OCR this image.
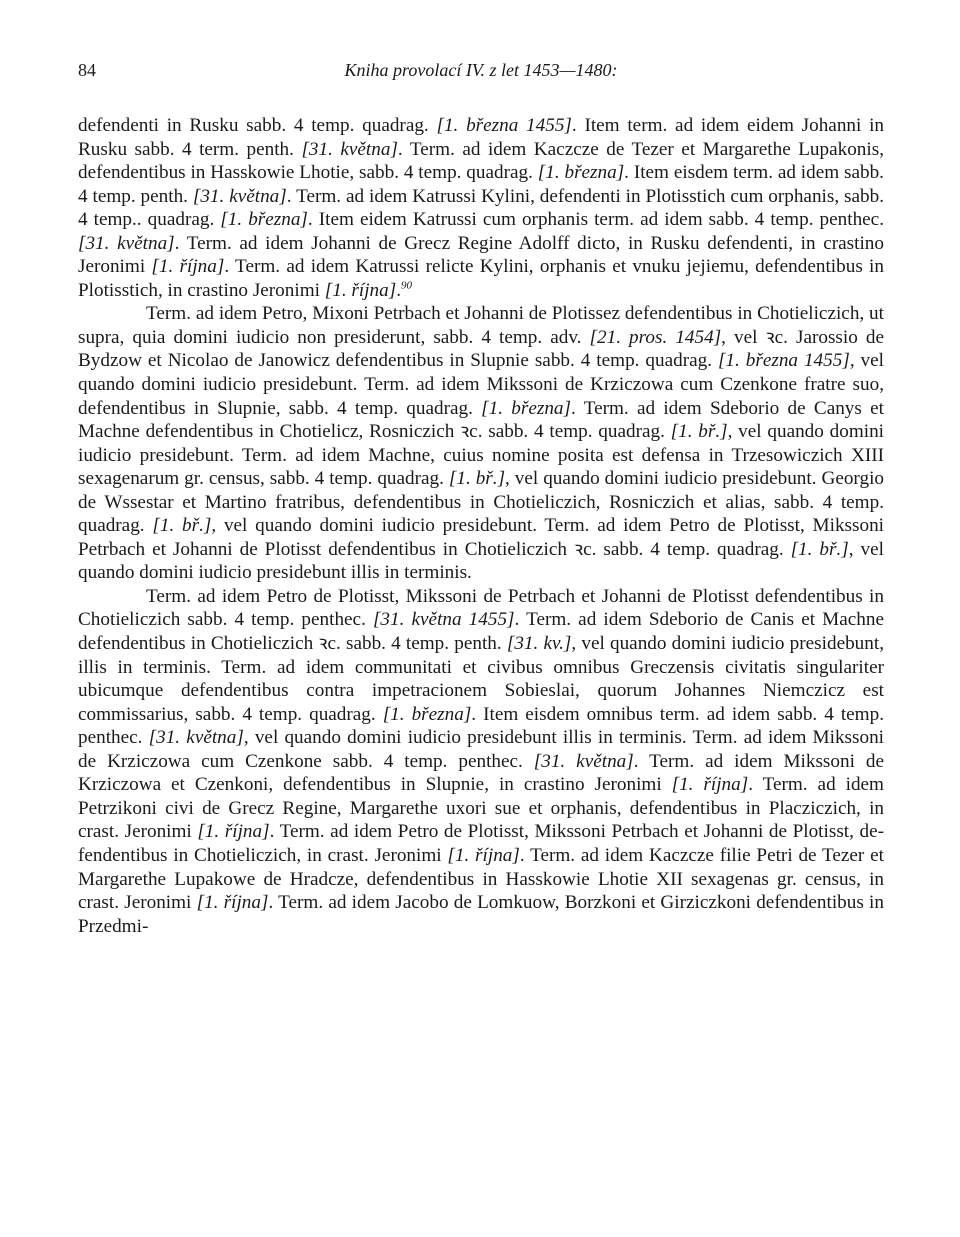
84	Kniha provolací IV. z let 1453—1480:

defendenti in Rusku sabb. 4 temp. quadrag. [1. března 1455]. Item term. ad idem eidem Johanni in Rusku sabb. 4 term. penth. [31. května]. Term. ad idem Kaczcze de Tezer et Margarethe Lupakonis, defendentibus in Hasskowie Lhotie, sabb. 4 temp. quadrag. [1. března]. Item eisdem term. ad idem sabb. 4 temp. penth. [31. května]. Term. ad idem Katrussi Kylini, defendenti in Plotisstich cum orphanis, sabb. 4 temp.. quadrag. [1. března]. Item eidem Katrussi cum orphanis term. ad idem sabb. 4 temp. penthec. [31. května]. Term. ad idem Johanni de Grecz Regine Adolff dicto, in Rusku defendenti, in crastino Jeronimi [1. října]. Term. ad idem Katrussi relicte Kylini, orphanis et vnuku jejiemu, defendentibus in Plotisstich, in crastino Jeronimi [1. října].$^{90}$

Term. ad idem Petro, Mixoni Petrbach et Johanni de Plotissez defendentibus in Chotieliczich, ut supra, quia domini iudicio non presiderunt, sabb. 4 temp. adv. [21. pros. 1454], vel ꝛc. Jarossio de Bydzow et Nicolao de Janowicz defendentibus in Slupnie sabb. 4 temp. quadrag. [1. března 1455], vel quando domini iudicio presidebunt. Term. ad idem Mikssoni de Krziczowa cum Czenkone fratre suo, defendentibus in Slupnie, sabb. 4 temp. quadrag. [1. března]. Term. ad idem Sdeborio de Canys et Machne defendentibus in Chotielicz, Rosniczich ꝛc. sabb. 4 temp. quadrag. [1. bř.], vel quando domini iudicio presidebunt. Term. ad idem Machne, cuius nomine posita est defensa in Trzesowiczich XIII sexagenarum gr. census, sabb. 4 temp. quadrag. [1. bř.], vel quando domini iudicio presidebunt. Georgio de Wssestar et Martino fratribus, defendentibus in Chotieliczich, Rosniczich et alias, sabb. 4 temp. quadrag. [1. bř.], vel quando domini iudicio presidebunt. Term. ad idem Petro de Plotisst, Mikssoni Petrbach et Johanni de Plotisst defendentibus in Chotieliczich ꝛc. sabb. 4 temp. quadrag. [1. bř.], vel quando domini iudicio presidebunt illis in terminis.

Term. ad idem Petro de Plotisst, Mikssoni de Petrbach et Johanni de Plotisst defendentibus in Chotieliczich sabb. 4 temp. penthec. [31. května 1455]. Term. ad idem Sdeborio de Canis et Machne defendentibus in Chotieliczich ꝛc. sabb. 4 temp. penth. [31. kv.], vel quando domini iudicio presidebunt, illis in terminis. Term. ad idem communitati et civibus omnibus Greczensis civitatis singulariter ubicumque defendentibus contra impetracionem Sobieslai, quorum Johannes Niemczicz est commissarius, sabb. 4 temp. quadrag. [1. března]. Item eisdem omnibus term. ad idem sabb. 4 temp. penthec. [31. května], vel quando domini iudicio presidebunt illis in terminis. Term. ad idem Mikssoni de Krziczowa cum Czenkone sabb. 4 temp. penthec. [31. května]. Term. ad idem Mikssoni de Krziczowa et Czenkoni, defendentibus in Slupnie, in crastino Jeronimi [1. října]. Term. ad idem Petrzikoni civi de Grecz Regine, Margarethe uxori sue et orphanis, defendentibus in Placziczich, in crast. Jeronimi [1. října]. Term. ad idem Petro de Plotisst, Mikssoni Petrbach et Johanni de Plotisst, defendentibus in Chotieliczich, in crast. Jeronimi [1. října]. Term. ad idem Kaczcze filie Petri de Tezer et Margarethe Lupakowe de Hradcze, defendentibus in Hasskowie Lhotie XII sexagenas gr. census, in crast. Jeronimi [1. října]. Term. ad idem Jacobo de Lomkuow, Borzkoni et Girziczkoni defendentibus in Przedmi-
